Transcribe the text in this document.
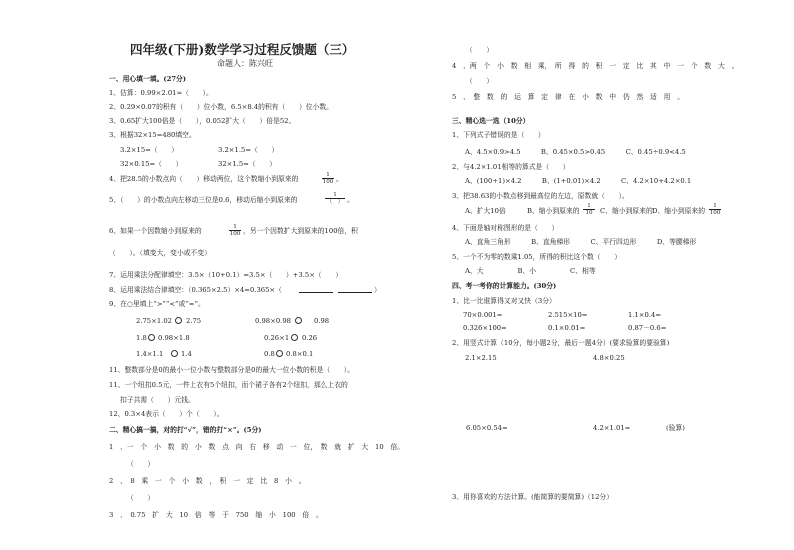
四年级(下册)数学学习过程反馈题（三）
命题人：陈兴旺
一、用心填一填。(27分)
1、估算：0.99×2.01≈（　　）。
2、0.29×0.07的积有（　　）位小数，6.5×8.4的积有（　　）位小数。
3、0.65扩大100倍是（　　），0.052扩大（　　）倍是52。
3、根据32×15=480填空。
3.2×15=（　　）	3.2×1.5=（　　）
32×0.15=（　　）	32×1.5=（　　）
4、把28.5的小数点向（　　）移动两位，这个数缩小到原来的	$\frac{1}{100}$ 。
5、（　　）的小数点向左移动三位是0.6，移动后缩小到原来的
1
（　） 。
6、如果一个因数缩小到原来的	$\frac{1}{100}$ ，另一个因数扩大到原来的100倍，积
（　　）。（填变大，变小或不变）
7、运用乘法分配律填空：3.5×（10+0.1）=3.5×（　　）+3.5×（　　）
8、运用乘法结合律填空：（0.365×2.5）×4=0.365×（	）
9、在○里填上“>”“<”或“=”。
2.75×1.02 2.75	0.98×0.98	0.98
1.8 0.98×1.8	0.26×1 0.26
1.4×1.1	1.4	0.8 0.8×0.1
11、整数部分是0的最小一位小数与整数部分是0的最大一位小数的积是（　　）。
11、一个纽扣0.5元，一件上衣有5个纽扣，而个裙子各有2个纽扣，那么上衣的
扣子共需（　　）元钱。
12、0.3×4表示（　　）个（　　）。
二、精心搞一搞，对的打“√”，错的打“×”。(5分)
1　、一　个　小　数　的　小　数　点　向　右　移　动　一　位，　数　就　扩　大　10　倍。
（　　）
2　、　8　乘　一　个　小　数　，　积　一　定　比　8　小　。
（　　）
3　、　0.75　扩　大　10　倍　等　于　750　缩　小　100　倍　。
（　　）
4　、两　个　小　数　相　乘，　所　得　的　积　一　定　比　其　中　一　个　数　大　。
（　　）
5　、　整　数　的　运　算　定　律　在　小　数　中　仍　然　适　用　。
三、精心选一选（10分）
1、下列式子错误的是（　　）
A、4.5×0.9>4.5　　　B、0.45×0.5>0.45　　　C、0.45÷0.9<4.5
2、与4.2×1.01相等的算式是（　　）
A、(100+1)×4.2　　　B、(1+0.01)×4.2　　　C、4.2×10+4.2×0.1
3、把38.63的小数点移到最高位的左边，原数就（　　）。
A、扩大10倍	B、缩小到原来的 $\frac{1}{10}$ C、缩小到原来的 D、缩小到原来的 $\frac{1}{100}$
4、下面是轴对称图形的是（　　）
A、直角三角形　　　B、直角梯形　　　C、平行四边形　　　D、等腰梯形
5、一个不为零的数乘1.05，所得的积比这个数（　　）
A、大　　　　　B、小　　　　　C、相等
四、考一考你的计算能力。(30分)
1、比一比谁算得又对又快（3分）
70×0.001=	2.515×10=	1.1×0.4=
0.326×100=	0.1×0.01=	0.87－0.6=
2、用竖式计算（10分，每小题2分，最后一题4分）(要求验算的要验算)
2.1×2.15	4.8×0.25
6.05×0.54=	4.2×1.01=	(验算)
3、用你喜欢的方法计算。(能简算的要简算)（12分）
